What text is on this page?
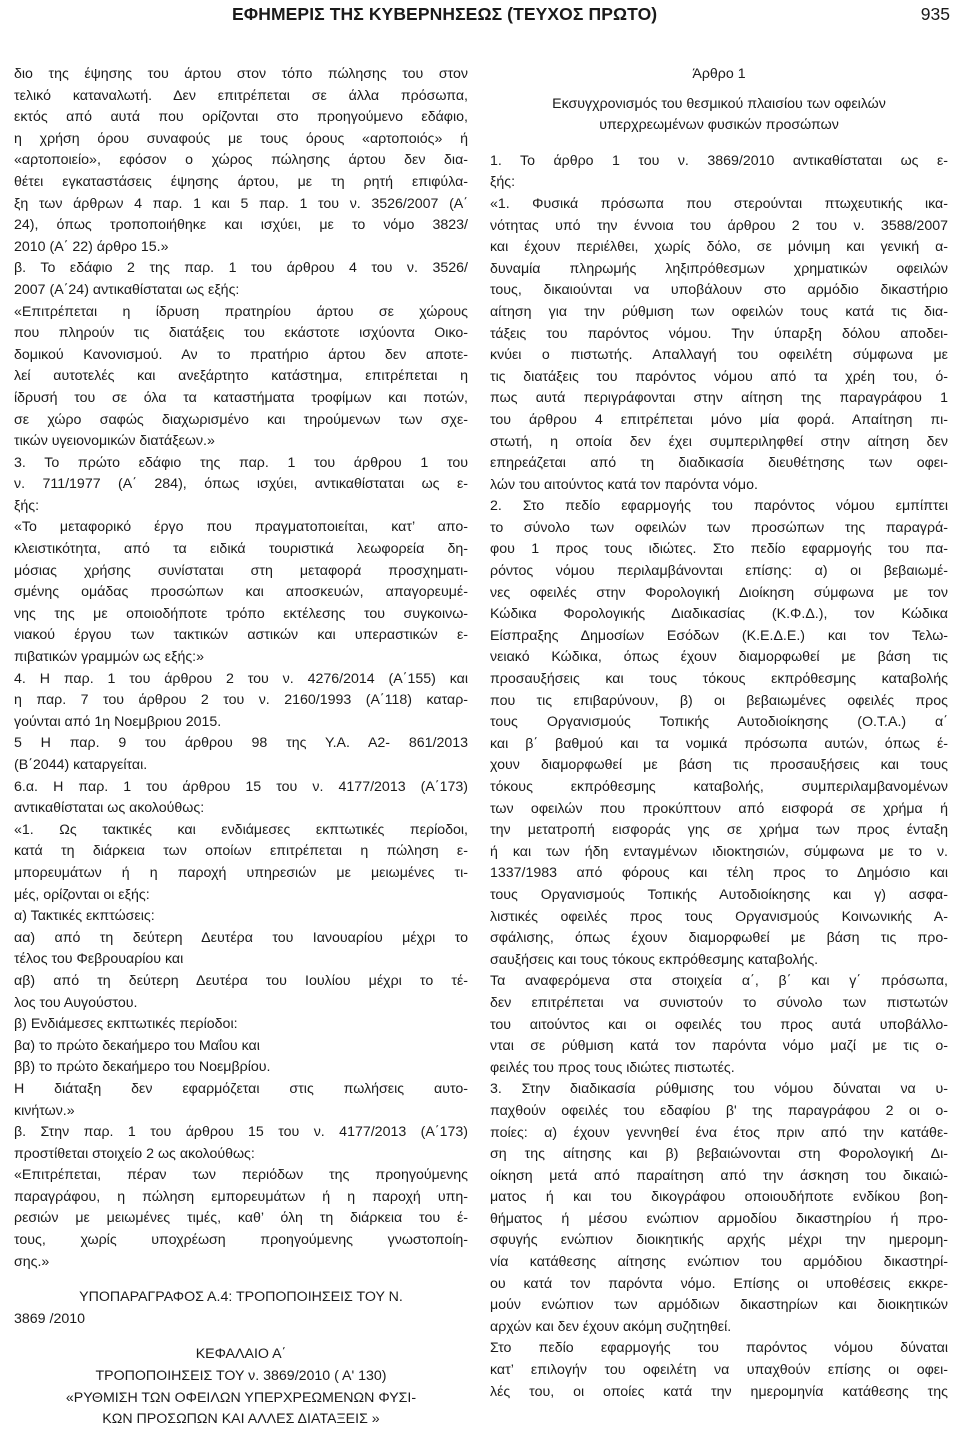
ΕΦΗΜΕΡΙΣ ΤΗΣ ΚΥΒΕΡΝΗΣΕΩΣ (ΤΕΥΧΟΣ ΠΡΩΤΟ)	935
διο της έψησης του άρτου στον τόπο πώλησης του στον
τελικό καταναλωτή. Δεν επιτρέπεται σε άλλα πρόσωπα,
εκτός από αυτά που ορίζονται στο προηγούμενο εδάφιο,
η χρήση όρου συναφούς με τους όρους «αρτοποιός» ή
«αρτοποιείο», εφόσον ο χώρος πώλησης άρτου δεν δια-
θέτει εγκαταστάσεις έψησης άρτου, με τη ρητή επιφύλα-
ξη των άρθρων 4 παρ. 1 και 5 παρ. 1 του ν. 3526/2007 (Α΄
24), όπως τροποποιήθηκε και ισχύει, με το νόμο 3823/
2010 (Α΄ 22) άρθρο 15.»
β. Το εδάφιο 2 της παρ. 1 του άρθρου 4 του ν. 3526/
2007 (Α΄24) αντικαθίσταται ως εξής:
«Επιτρέπεται η ίδρυση πρατηρίου άρτου σε χώρους
που πληρούν τις διατάξεις του εκάστοτε ισχύοντα Οικο-
δομικού Κανονισμού. Αν το πρατήριο άρτου δεν αποτε-
λεί αυτοτελές και ανεξάρτητο κατάστημα, επιτρέπεται η
ίδρυσή του σε όλα τα καταστήματα τροφίμων και ποτών,
σε χώρο σαφώς διαχωρισμένο και τηρούμενων των σχε-
τικών υγειονομικών διατάξεων.»
3. Το πρώτο εδάφιο της παρ. 1 του άρθρου 1 του
ν. 711/1977 (Α΄ 284), όπως ισχύει, αντικαθίσταται ως ε-
ξής:
«Το μεταφορικό έργο που πραγματοποιείται, κατ’ απο-
κλειστικότητα, από τα ειδικά τουριστικά λεωφορεία δη-
μόσιας χρήσης συνίσταται στη μεταφορά προσχηματι-
σμένης ομάδας προσώπων και αποσκευών, απαγορευμέ-
νης της με οποιοδήποτε τρόπο εκτέλεσης του συγκοινω-
νιακού έργου των τακτικών αστικών και υπεραστικών ε-
πιβατικών γραμμών ως εξής:»
4. Η παρ. 1 του άρθρου 2 του ν. 4276/2014 (Α΄155) και
η παρ. 7 του άρθρου 2 του ν. 2160/1993 (Α΄118) καταρ-
γούνται από 1η Νοεμβριου 2015.
5 Η παρ. 9 του άρθρου 98 της Υ.Α. Α2- 861/2013
(Β΄2044) καταργείται.
6.α. Η παρ. 1 του άρθρου 15 του ν. 4177/2013 (Α΄173)
αντικαθίσταται ως ακολούθως:
«1. Ως τακτικές και ενδιάμεσες εκπτωτικές περίοδοι,
κατά τη διάρκεια των οποίων επιτρέπεται η πώληση ε-
μπορευμάτων ή η παροχή υπηρεσιών με μειωμένες τι-
μές, ορίζονται οι εξής:
α) Τακτικές εκπτώσεις:
αα) από τη δεύτερη Δευτέρα του Ιανουαρίου μέχρι το
τέλος του Φεβρουαρίου και
αβ) από τη δεύτερη Δευτέρα του Ιουλίου μέχρι το τέ-
λος του Αυγούστου.
β) Ενδιάμεσες εκπτωτικές περίοδοι:
βα) το πρώτο δεκαήμερο του Μαΐου και
ββ) το πρώτο δεκαήμερο του Νοεμβρίου.
Η διάταξη δεν εφαρμόζεται στις πωλήσεις αυτο-
κινήτων.»
β. Στην παρ. 1 του άρθρου 15 του ν. 4177/2013 (Α΄173)
προστίθεται στοιχείο 2 ως ακολούθως:
«Επιτρέπεται, πέραν των περιόδων της προηγούμενης
παραγράφου, η πώληση εμπορευμάτων ή η παροχή υπη-
ρεσιών με μειωμένες τιμές, καθ’ όλη τη διάρκεια του έ-
τους, χωρίς υποχρέωση προηγούμενης γνωστοποίη-
σης.»
ΥΠΟΠΑΡΑΓΡΑΦΟΣ Α.4: ΤΡΟΠΟΠΟΙΗΣΕΙΣ ΤΟΥ Ν.
3869 /2010
ΚΕΦΑΛΑΙΟ Α΄
ΤΡΟΠΟΠΟΙΗΣΕΙΣ ΤΟΥ ν. 3869/2010 ( Α' 130)
«ΡΥΘΜΙΣΗ ΤΩΝ ΟΦΕΙΛΩΝ ΥΠΕΡΧΡΕΩΜΕΝΩΝ ΦΥΣΙ-
ΚΩΝ ΠΡΟΣΩΠΩΝ ΚΑΙ ΑΛΛΕΣ ΔΙΑΤΑΞΕΙΣ »
Άρθρο 1
Εκσυγχρονισμός του θεσμικού πλαισίου των οφειλών
υπερχρεωμένων φυσικών προσώπων
1. Το άρθρο 1 του ν. 3869/2010 αντικαθίσταται ως ε-
ξής:
«1. Φυσικά πρόσωπα που στερούνται πτωχευτικής ικα-
νότητας υπό την έννοια του άρθρου 2 του ν. 3588/2007
και έχουν περιέλθει, χωρίς δόλο, σε μόνιμη και γενική α-
δυναμία πληρωμής ληξιπρόθεσμων χρηματικών οφειλών
τους, δικαιούνται να υποβάλουν στο αρμόδιο δικαστήριο
αίτηση για την ρύθμιση των οφειλών τους κατά τις δια-
τάξεις του παρόντος νόμου. Την ύπαρξη δόλου αποδει-
κνύει ο πιστωτής. Απαλλαγή του οφειλέτη σύμφωνα με
τις διατάξεις του παρόντος νόμου από τα χρέη του, ό-
πως αυτά περιγράφονται στην αίτηση της παραγράφου 1
του άρθρου 4 επιτρέπεται μόνο μία φορά. Απαίτηση πι-
στωτή, η οποία δεν έχει συμπεριληφθεί στην αίτηση δεν
επηρεάζεται από τη διαδικασία διευθέτησης των οφει-
λών του αιτούντος κατά τον παρόντα νόμο.
2. Στο πεδίο εφαρμογής του παρόντος νόμου εμπίπτει
το σύνολο των οφειλών των προσώπων της παραγρά-
φου 1 προς τους ιδιώτες. Στο πεδίο εφαρμογής του πα-
ρόντος νόμου περιλαμβάνονται επίσης: α) οι βεβαιωμέ-
νες οφειλές στην Φορολογική Διοίκηση σύμφωνα με τον
Κώδικα Φορολογικής Διαδικασίας (Κ.Φ.Δ.), τον Κώδικα
Είσπραξης Δημοσίων Εσόδων (Κ.Ε.Δ.Ε.) και τον Τελω-
νειακό Κώδικα, όπως έχουν διαμορφωθεί με βάση τις
προσαυξήσεις και τους τόκους εκπρόθεσμης καταβολής
που τις επιβαρύνουν, β) οι βεβαιωμένες οφειλές προς
τους Οργανισμούς Τοπικής Αυτοδιοίκησης (Ο.Τ.Α.) α΄
και β΄ βαθμού και τα νομικά πρόσωπα αυτών, όπως έ-
χουν διαμορφωθεί με βάση τις προσαυξήσεις και τους
τόκους εκπρόθεσμης καταβολής, συμπεριλαμβανομένων
των οφειλών που προκύπτουν από εισφορά σε χρήμα ή
την μετατροπή εισφοράς γης σε χρήμα των προς ένταξη
ή και των ήδη ενταγμένων ιδιοκτησιών, σύμφωνα με το ν.
1337/1983 από φόρους και τέλη προς το Δημόσιο και
τους Οργανισμούς Τοπικής Αυτοδιοίκησης και γ) ασφα-
λιστικές οφειλές προς τους Οργανισμούς Κοινωνικής Α-
σφάλισης, όπως έχουν διαμορφωθεί με βάση τις προ-
σαυξήσεις και τους τόκους εκπρόθεσμης καταβολής.
Τα αναφερόμενα στα στοιχεία α΄, β΄ και γ΄ πρόσωπα,
δεν επιτρέπεται να συνιστούν το σύνολο των πιστωτών
του αιτούντος και οι οφειλές του προς αυτά υποβάλλο-
νται σε ρύθμιση κατά τον παρόντα νόμο μαζί με τις ο-
φειλές του προς τους ιδιώτες πιστωτές.
3. Στην διαδικασία ρύθμισης του νόμου δύναται να υ-
παχθούν οφειλές του εδαφίου β' της παραγράφου 2 οι ο-
ποίες: α) έχουν γεννηθεί ένα έτος πριν από την κατάθε-
ση της αίτησης και β) βεβαιώνονται στη Φορολογική Δι-
οίκηση μετά από παραίτηση από την άσκηση του δικαιώ-
ματος ή και του δικογράφου οποιουδήποτε ενδίκου βοη-
θήματος ή μέσου ενώπιον αρμοδίου δικαστηρίου ή προ-
σφυγής ενώπιον διοικητικής αρχής μέχρι την ημερομη-
νία κατάθεσης αίτησης ενώπιον του αρμόδιου δικαστηρί-
ου κατά τον παρόντα νόμο. Επίσης οι υποθέσεις εκκρε-
μούν ενώπιον των αρμόδιων δικαστηρίων και διοικητικών
αρχών και δεν έχουν ακόμη συζητηθεί.
Στο πεδίο εφαρμογής του παρόντος νόμου δύναται
κατ’ επιλογήν του οφειλέτη να υπαχθούν επίσης οι οφει-
λές του, οι οποίες κατά την ημερομηνία κατάθεσης της
